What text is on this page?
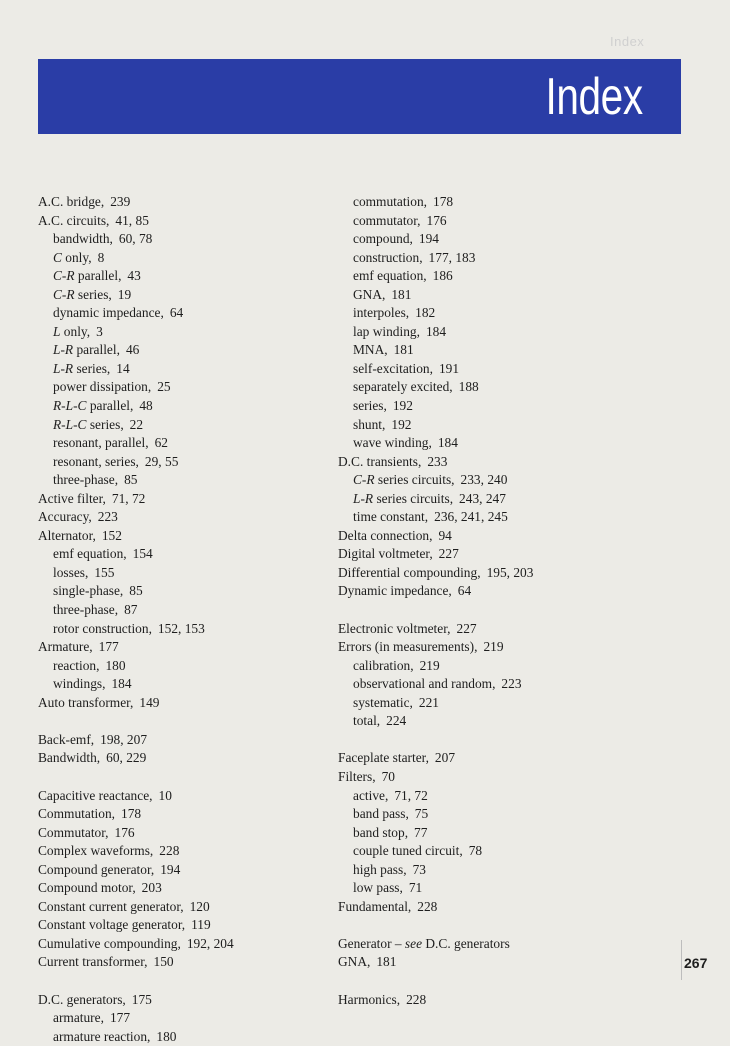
Index
Index
A.C. bridge, 239
A.C. circuits, 41, 85
bandwidth, 60, 78
C only, 8
C-R parallel, 43
C-R series, 19
dynamic impedance, 64
L only, 3
L-R parallel, 46
L-R series, 14
power dissipation, 25
R-L-C parallel, 48
R-L-C series, 22
resonant, parallel, 62
resonant, series, 29, 55
three-phase, 85
Active filter, 71, 72
Accuracy, 223
Alternator, 152
emf equation, 154
losses, 155
single-phase, 85
three-phase, 87
rotor construction, 152, 153
Armature, 177
reaction, 180
windings, 184
Auto transformer, 149
Back-emf, 198, 207
Bandwidth, 60, 229
Capacitive reactance, 10
Commutation, 178
Commutator, 176
Complex waveforms, 228
Compound generator, 194
Compound motor, 203
Constant current generator, 120
Constant voltage generator, 119
Cumulative compounding, 192, 204
Current transformer, 150
D.C. generators, 175
armature, 177
armature reaction, 180
commutation, 178
commutator, 176
compound, 194
construction, 177, 183
emf equation, 186
GNA, 181
interpoles, 182
lap winding, 184
MNA, 181
self-excitation, 191
separately excited, 188
series, 192
shunt, 192
wave winding, 184
D.C. transients, 233
C-R series circuits, 233, 240
L-R series circuits, 243, 247
time constant, 236, 241, 245
Delta connection, 94
Digital voltmeter, 227
Differential compounding, 195, 203
Dynamic impedance, 64
Electronic voltmeter, 227
Errors (in measurements), 219
calibration, 219
observational and random, 223
systematic, 221
total, 224
Faceplate starter, 207
Filters, 70
active, 71, 72
band pass, 75
band stop, 77
couple tuned circuit, 78
high pass, 73
low pass, 71
Fundamental, 228
Generator – see D.C. generators
GNA, 181
Harmonics, 228
267
